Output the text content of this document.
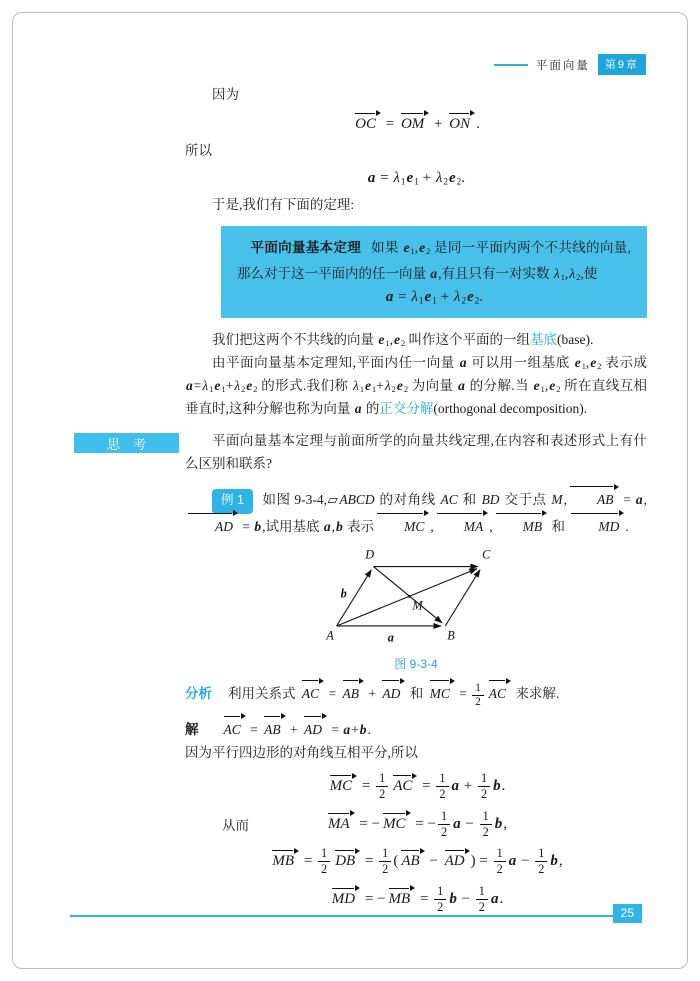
平面向量	第9章

因为

OC = OM + ON .

所以

$a = \lambda_1e_1 + \lambda_2e_2$.

于是,我们有下面的定理:

平面向量基本定理 如果 $e_1,e_2$ 是同一平面内两个不共线的向量,那么对于这一平面内的任一向量 a,有且只有一对实数 $\lambda_1,\lambda_2$,使

$a = \lambda_1e_1 + \lambda_2e_2$.

我们把这两个不共线的向量 $e_1,e_2$ 叫作这个平面的一组基底(base).

由平面向量基本定理知,平面内任一向量 a 可以用一组基底 $e_1,e_2$ 表示成 $a=\lambda_1e_1+\lambda_2e_2$ 的形式.我们称 $\lambda_1e_1+\lambda_2e_2$ 为向量 a 的分解.当 $e_1,e_2$ 所在直线互相垂直时,这种分解也称为向量 a 的正交分解(orthogonal decomposition).

思　考	平面向量基本定理与前面所学的向量共线定理,在内容和表述形式上有什么区别和联系?

例 1 如图 9-3-4,▱ABCD 的对角线 AC 和 BD 交于点 M, AB = a,AD = b,试用基底 a,b 表示 MC , MA , MB 和 MD .

D	C
A	B
M
b
a
图 9-3-4

分析 利用关系式 AC = AB + AD 和 MC = $\frac{1}{2}$ AC 来求解.

解 AC = AB + AD = a+b.

因为平行四边形的对角线互相平分,所以

MC = $\frac{1}{2}$ AC = $\frac{1}{2}$ $a + \frac{1}{2} b$.
从而	MA = − MC = − $\frac{1}{2}$ $a - \frac{1}{2} b$,
MB = $\frac{1}{2}$ DB = $\frac{1}{2}$ ( AB − AD ) = $\frac{1}{2}$ $a - \frac{1}{2} b$,
MD = − MB = $\frac{1}{2}$ $b - \frac{1}{2} a$.
25
